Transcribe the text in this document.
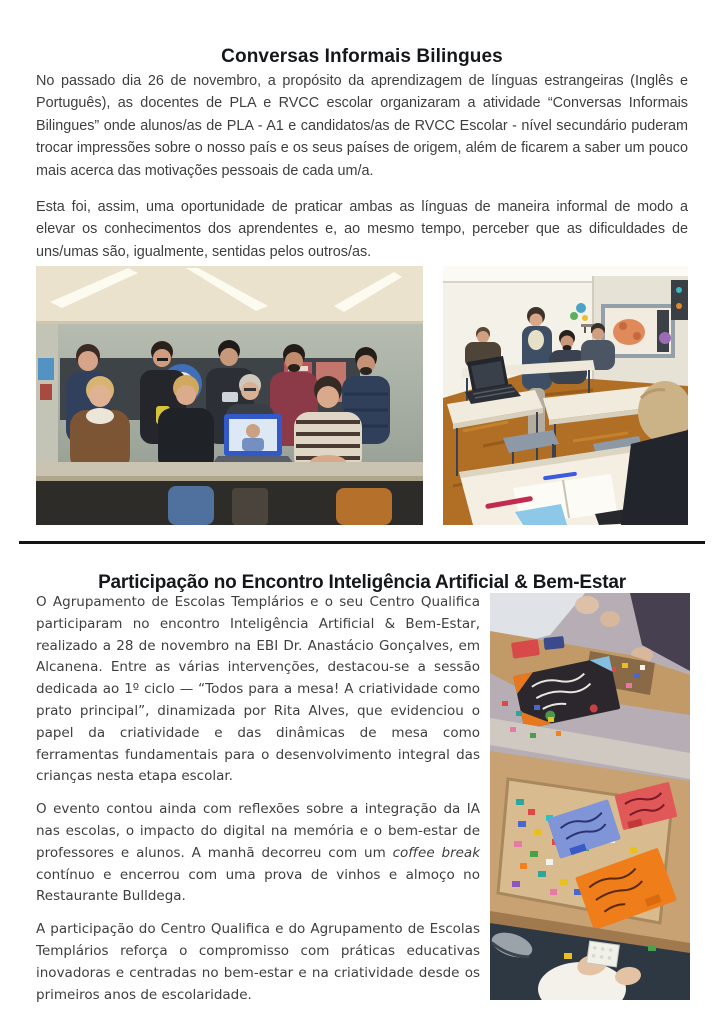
Conversas Informais Bilingues

No passado dia 26 de novembro, a propósito da aprendizagem de línguas estrangeiras (Inglês e Português), as docentes de PLA e RVCC escolar organizaram a atividade “Conversas Informais Bilingues” onde alunos/as de PLA - A1 e candidatos/as de RVCC Escolar - nível secundário puderam trocar impressões sobre o nosso país e os seus países de origem, além de ficarem a saber um pouco mais acerca das motivações pessoais de cada um/a.

Esta foi, assim, uma oportunidade de praticar ambas as línguas de maneira informal de modo a elevar os conhecimentos dos aprendentes e, ao mesmo tempo, perceber que as dificuldades de uns/umas são, igualmente, sentidas pelos outros/as.

Participação no Encontro Inteligência Artificial & Bem-Estar

O Agrupamento de Escolas Templários e o seu Centro Qualifica participaram no encontro Inteligência Artificial & Bem-Estar, realizado a 28 de novembro na EBI Dr. Anastácio Gonçalves, em Alcanena. Entre as várias intervenções, destacou-se a sessão dedicada ao 1º ciclo — “Todos para a mesa! A criatividade como prato principal”, dinamizada por Rita Alves, que evidenciou o papel da criatividade e das dinâmicas de mesa como ferramentas fundamentais para o desenvolvimento integral das crianças nesta etapa escolar.

O evento contou ainda com reflexões sobre a integração da IA nas escolas, o impacto do digital na memória e o bem-estar de professores e alunos. A manhã decorreu com um coffee break contínuo e encerrou com uma prova de vinhos e almoço no Restaurante Bulldega.

A participação do Centro Qualifica e do Agrupamento de Escolas Templários reforça o compromisso com práticas educativas inovadoras e centradas no bem-estar e na criatividade desde os primeiros anos de escolaridade.
